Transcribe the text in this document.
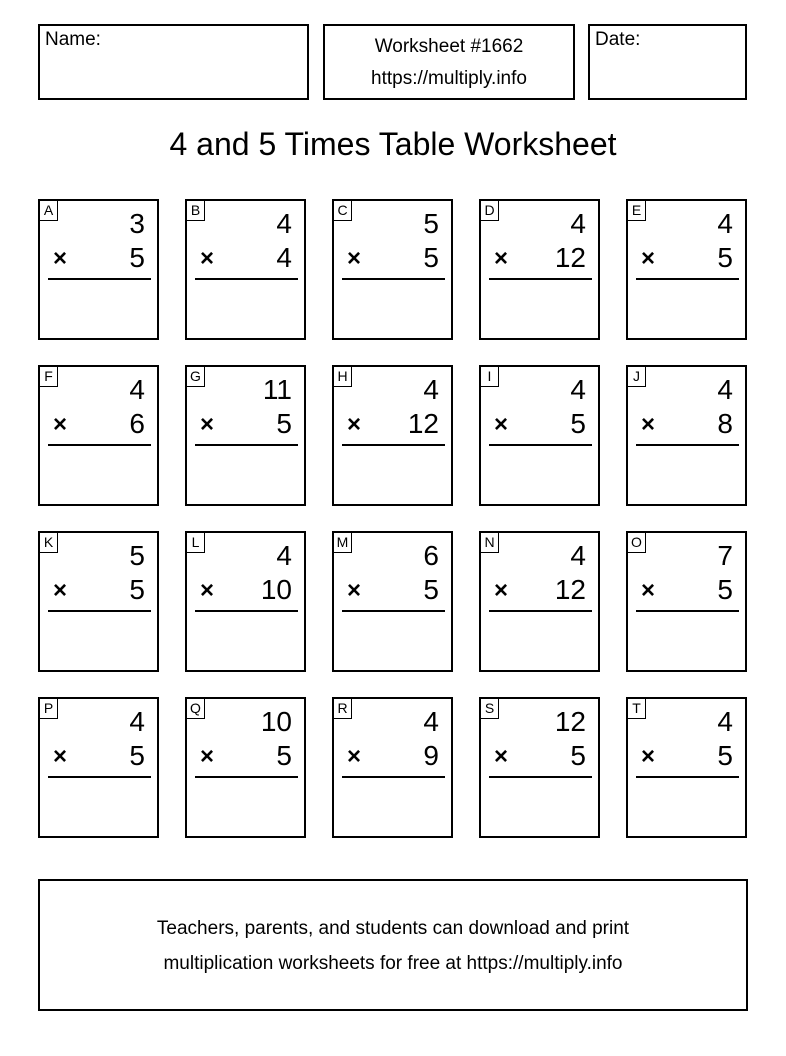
Name:	Worksheet #1662
https://multiply.info
Date:
4 and 5 Times Table Worksheet
A	3
× 5
B	4
× 4
C	5
× 5
D	4
× 12
E	4
× 5
F	4
× 6
G 11
× 5
H	4
× 12
I	4
× 5
J	4
× 8
K	5
× 5
L	4
× 10
M	6
× 5
N	4
× 12
O	7
× 5
P	4
× 5
Q 10
× 5
R	4
× 9
S 12
× 5
T	4
× 5
Teachers, parents, and students can download and print
multiplication worksheets for free at https://multiply.info
